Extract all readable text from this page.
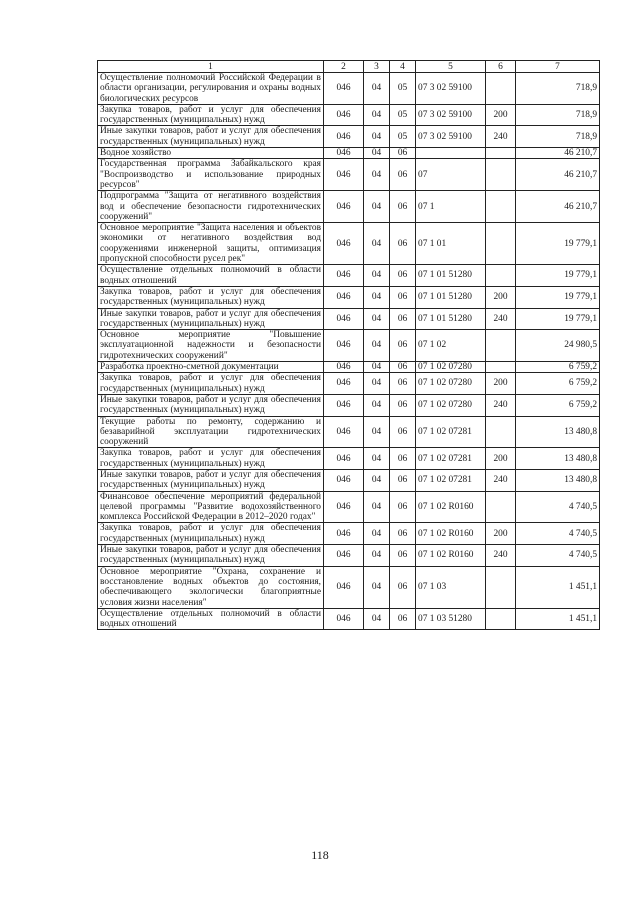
1	2	3	4	5	6	7
Осуществление полномочий Российской Федерации в области организации, регулирования и охраны водных биологических ресурсов	046	04	05	07 3 02 59100		718,9
Закупка товаров, работ и услуг для обеспечения государственных (муниципальных) нужд	046	04	05	07 3 02 59100	200	718,9
Иные закупки товаров, работ и услуг для обеспечения государственных (муниципальных) нужд	046	04	05	07 3 02 59100	240	718,9
Водное хозяйство	046	04	06			46 210,7
Государственная программа Забайкальского края "Воспроизводство и использование природных ресурсов"	046	04	06	07		46 210,7
Подпрограмма "Защита от негативного воздействия вод и обеспечение безопасности гидротехнических сооружений"	046	04	06	07 1		46 210,7
Основное мероприятие "Защита населения и объектов экономики от негативного воздействия вод сооружениями инженерной защиты, оптимизация пропускной способности русел рек"	046	04	06	07 1 01		19 779,1
Осуществление отдельных полномочий в области водных отношений	046	04	06	07 1 01 51280		19 779,1
Закупка товаров, работ и услуг для обеспечения государственных (муниципальных) нужд	046	04	06	07 1 01 51280	200	19 779,1
Иные закупки товаров, работ и услуг для обеспечения государственных (муниципальных) нужд	046	04	06	07 1 01 51280	240	19 779,1
Основное мероприятие "Повышение эксплуатационной надежности и безопасности гидротехнических сооружений"	046	04	06	07 1 02		24 980,5
Разработка проектно-сметной документации	046	04	06	07 1 02 07280		6 759,2
Закупка товаров, работ и услуг для обеспечения государственных (муниципальных) нужд	046	04	06	07 1 02 07280	200	6 759,2
Иные закупки товаров, работ и услуг для обеспечения государственных (муниципальных) нужд	046	04	06	07 1 02 07280	240	6 759,2
Текущие работы по ремонту, содержанию и безаварийной эксплуатации гидротехнических сооружений	046	04	06	07 1 02 07281		13 480,8
Закупка товаров, работ и услуг для обеспечения государственных (муниципальных) нужд	046	04	06	07 1 02 07281	200	13 480,8
Иные закупки товаров, работ и услуг для обеспечения государственных (муниципальных) нужд	046	04	06	07 1 02 07281	240	13 480,8
Финансовое обеспечение мероприятий федеральной целевой программы "Развитие водохозяйственного комплекса Российской Федерации в 2012–2020 годах"	046	04	06	07 1 02 R0160		4 740,5
Закупка товаров, работ и услуг для обеспечения государственных (муниципальных) нужд	046	04	06	07 1 02 R0160	200	4 740,5
Иные закупки товаров, работ и услуг для обеспечения государственных (муниципальных) нужд	046	04	06	07 1 02 R0160	240	4 740,5
Основное мероприятие "Охрана, сохранение и восстановление водных объектов до состояния, обеспечивающего экологически благоприятные условия жизни населения"	046	04	06	07 1 03		1 451,1
Осуществление отдельных полномочий в области водных отношений	046	04	06	07 1 03 51280		1 451,1
118
